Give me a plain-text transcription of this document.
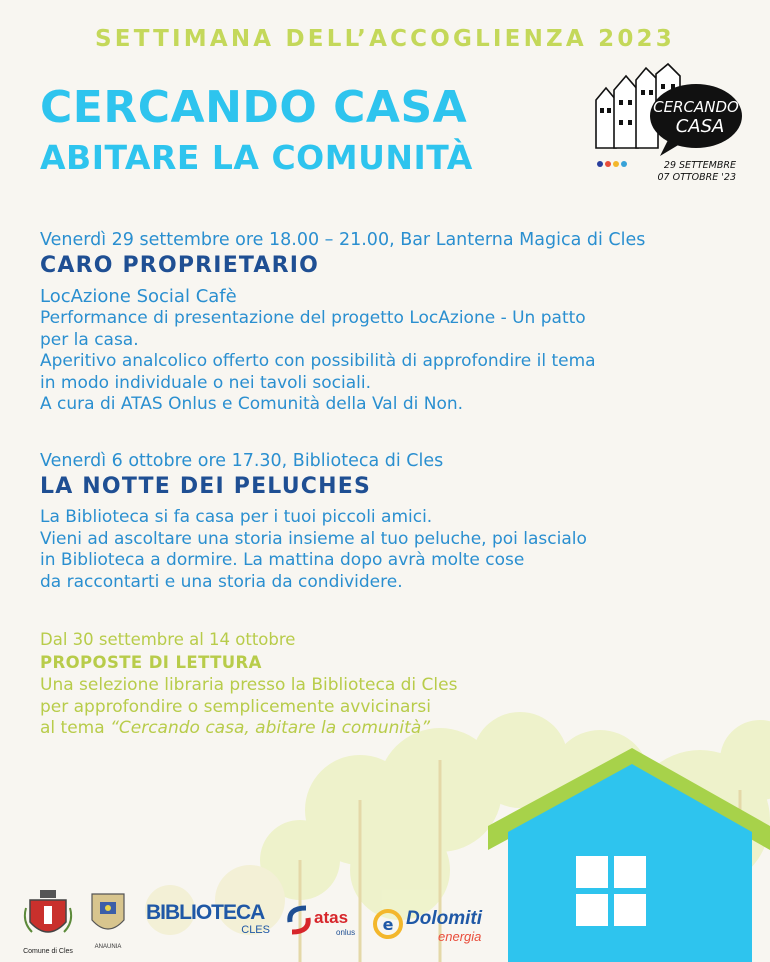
SETTIMANA DELL’ACCOGLIENZA 2023
CERCANDO CASA
ABITARE LA COMUNITÀ
CERCANDO
CASA
29 SETTEMBRE
07 OTTOBRE '23
Venerdì 29 settembre ore 18.00 – 21.00, Bar Lanterna Magica di Cles
CARO PROPRIETARIO
LocAzione Social Cafè
Performance di presentazione del progetto LocAzione - Un patto
per la casa.
Aperitivo analcolico offerto con possibilità di approfondire il tema
in modo individuale o nei tavoli sociali.
A cura di ATAS Onlus e Comunità della Val di Non.
Venerdì 6 ottobre ore 17.30, Biblioteca di Cles
LA NOTTE DEI PELUCHES
La Biblioteca si fa casa per i tuoi piccoli amici.
Vieni ad ascoltare una storia insieme al tuo peluche, poi lascialo
in Biblioteca a dormire. La mattina dopo avrà molte cose
da raccontarti e una storia da condividere.
Dal 30 settembre al 14 ottobre
PROPOSTE DI LETTURA
Una selezione libraria presso la Biblioteca di Cles
per approfondire o semplicemente avvicinarsi
al tema “Cercando casa, abitare la comunità”
Comune di Cles
ANAUNIA
BIBLIOTECA
CLES
atas
onlus e Dolomiti
energia
